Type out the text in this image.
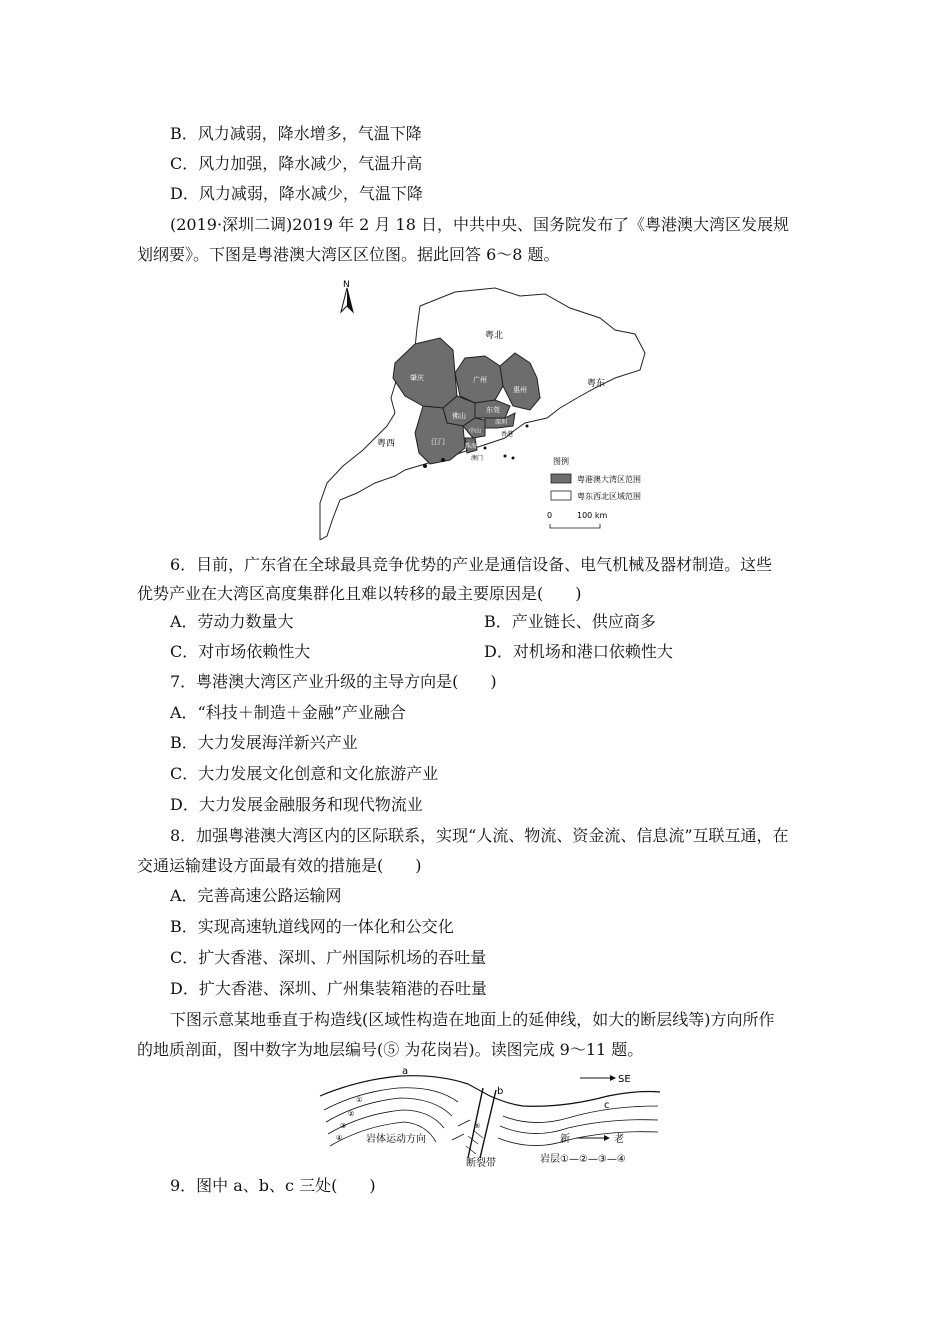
B．风力减弱，降水增多，气温下降
C．风力加强，降水减少，气温升高
D．风力减弱，降水减少，气温下降
(2019·深圳二调)2019 年 2 月 18 日，中共中央、国务院发布了《粤港澳大湾区发展规
划纲要》。下图是粤港澳大湾区区位图。据此回答 6～8 题。
N
粤北
粤东
粤西
肇庆	广州
惠州
佛山
东莞
中山
深圳
香港
江门
珠海
澳门	图例
粤港澳大湾区范围
粤东西北区域范围
0	100 km
6．目前，广东省在全球最具竞争优势的产业是通信设备、电气机械及器材制造。这些
优势产业在大湾区高度集群化且难以转移的最主要原因是(　　)
A．劳动力数量大	B．产业链长、供应商多
C．对市场依赖性大	D．对机场和港口依赖性大
7．粤港澳大湾区产业升级的主导方向是(　　)
A．“科技＋制造＋金融”产业融合
B．大力发展海洋新兴产业
C．大力发展文化创意和文化旅游产业
D．大力发展金融服务和现代物流业
8．加强粤港澳大湾区内的区际联系，实现“人流、物流、资金流、信息流”互联互通，在
交通运输建设方面最有效的措施是(　　)
A．完善高速公路运输网
B．实现高速轨道线网的一体化和公交化
C．扩大香港、深圳、广州国际机场的吞吐量
D．扩大香港、深圳、广州集装箱港的吞吐量
下图示意某地垂直于构造线(区域性构造在地面上的延伸线，如大的断层线等)方向所作
的地质剖面，图中数字为地层编号(⑤ 为花岗岩)。读图完成 9～11 题。
a
b
c
SE
①
②
③
④
⑤
岩体运动方向
断裂带
新	老
岩层①—②—③—④
9．图中 a、b、c 三处(　　)
